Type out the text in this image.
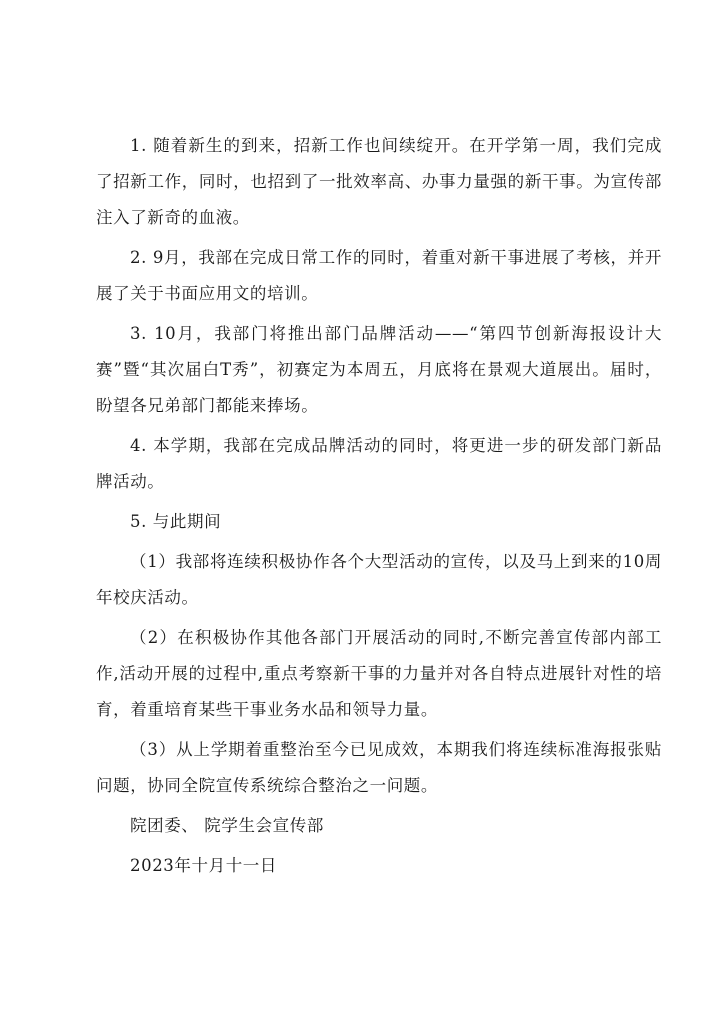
1. 随着新生的到来，招新工作也间续绽开。在开学第一周，我们完成了招新工作，同时，也招到了一批效率高、办事力量强的新干事。为宣传部注入了新奇的血液。

2. 9月，我部在完成日常工作的同时，着重对新干事进展了考核，并开展了关于书面应用文的培训。

3. 10月，我部门将推出部门品牌活动——“第四节创新海报设计大赛”暨“其次届白T秀”，初赛定为本周五，月底将在景观大道展出。届时，盼望各兄弟部门都能来捧场。

4. 本学期，我部在完成品牌活动的同时，将更进一步的研发部门新品牌活动。

5. 与此期间

（1）我部将连续积极协作各个大型活动的宣传，以及马上到来的10周年校庆活动。

（2）在积极协作其他各部门开展活动的同时,不断完善宣传部内部工作,活动开展的过程中,重点考察新干事的力量并对各自特点进展针对性的培育，着重培育某些干事业务水品和领导力量。

（3）从上学期着重整治至今已见成效，本期我们将连续标准海报张贴问题，协同全院宣传系统综合整治之一问题。

院团委、 院学生会宣传部

2023年十月十一日
